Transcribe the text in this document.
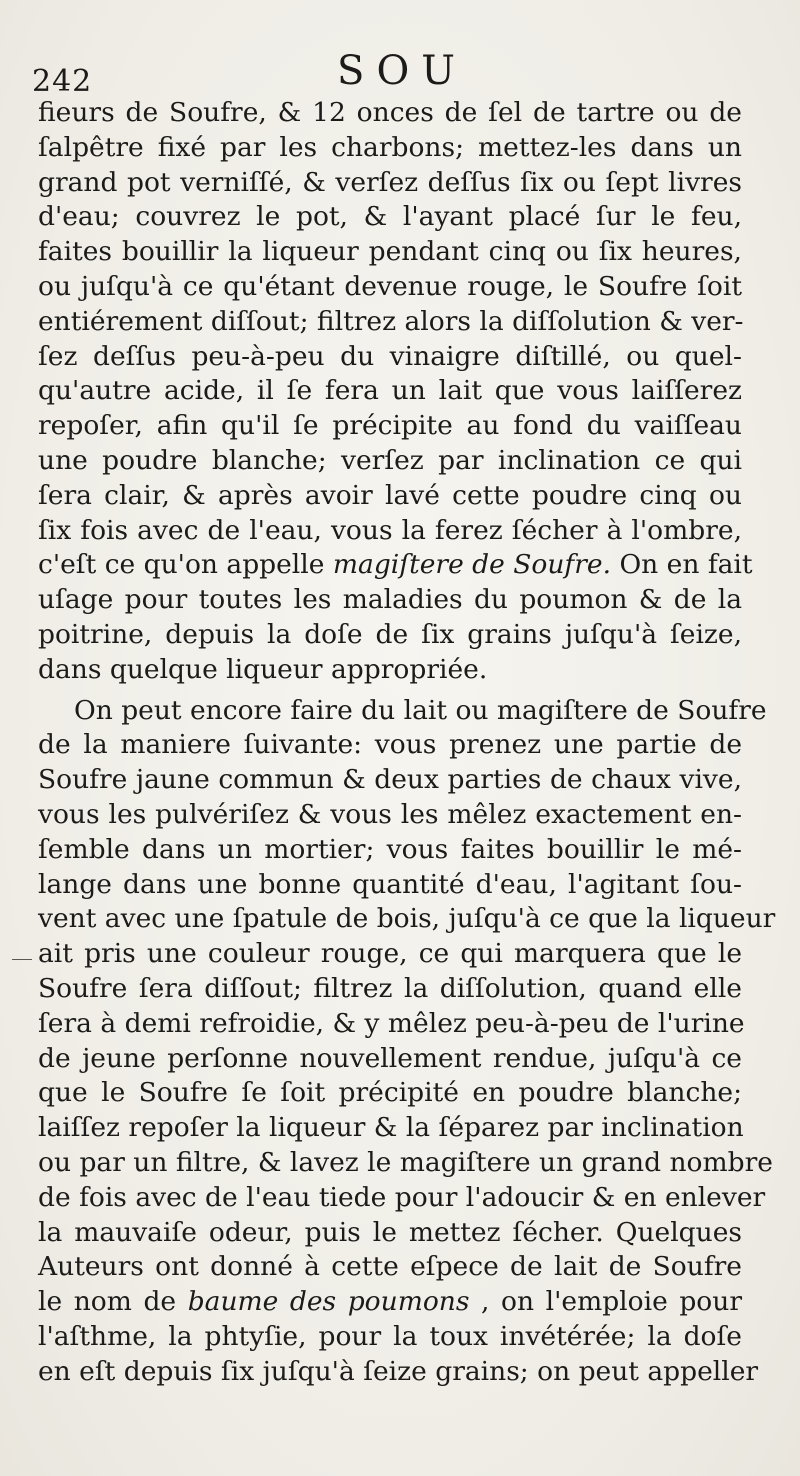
242	SOU
fieurs de Soufre, & 12 onces de ſel de tartre ou de
ſalpêtre fixé par les charbons; mettez-les dans un
grand pot verniſſé, & verſez deſſus ſix ou ſept livres
d'eau; couvrez le pot, & l'ayant placé ſur le feu,
faites bouillir la liqueur pendant cinq ou ſix heures,
ou juſqu'à ce qu'étant devenue rouge, le Soufre ſoit
entiérement diſſout; filtrez alors la diſſolution & ver-
ſez deſſus peu-à-peu du vinaigre diſtillé, ou quel-
qu'autre acide, il ſe fera un lait que vous laiſſerez
repoſer, afin qu'il ſe précipite au fond du vaiſſeau
une poudre blanche; verſez par inclination ce qui
ſera clair, & après avoir lavé cette poudre cinq ou
ſix fois avec de l'eau, vous la ferez ſécher à l'ombre,
c'eſt ce qu'on appelle magiſtere de Soufre. On en fait
uſage pour toutes les maladies du poumon & de la
poitrine, depuis la doſe de ſix grains juſqu'à ſeize,
dans quelque liqueur appropriée.
On peut encore faire du lait ou magiſtere de Soufre
de la maniere ſuivante: vous prenez une partie de
Soufre jaune commun & deux parties de chaux vive,
vous les pulvériſez & vous les mêlez exactement en-
ſemble dans un mortier; vous faites bouillir le mé-
lange dans une bonne quantité d'eau, l'agitant ſou-
vent avec une ſpatule de bois, juſqu'à ce que la liqueur
ait pris une couleur rouge, ce qui marquera que le
Soufre ſera diſſout; filtrez la diſſolution, quand elle
ſera à demi refroidie, & y mêlez peu-à-peu de l'urine
de jeune perſonne nouvellement rendue, juſqu'à ce
que le Soufre ſe ſoit précipité en poudre blanche;
laiſſez repoſer la liqueur & la ſéparez par inclination
ou par un filtre, & lavez le magiſtere un grand nombre
de fois avec de l'eau tiede pour l'adoucir & en enlever
la mauvaiſe odeur, puis le mettez ſécher. Quelques
Auteurs ont donné à cette eſpece de lait de Soufre
le nom de baume des poumons , on l'emploie pour
l'aſthme, la phtyſie, pour la toux invétérée; la doſe
en eſt depuis ſix juſqu'à ſeize grains; on peut appeller
